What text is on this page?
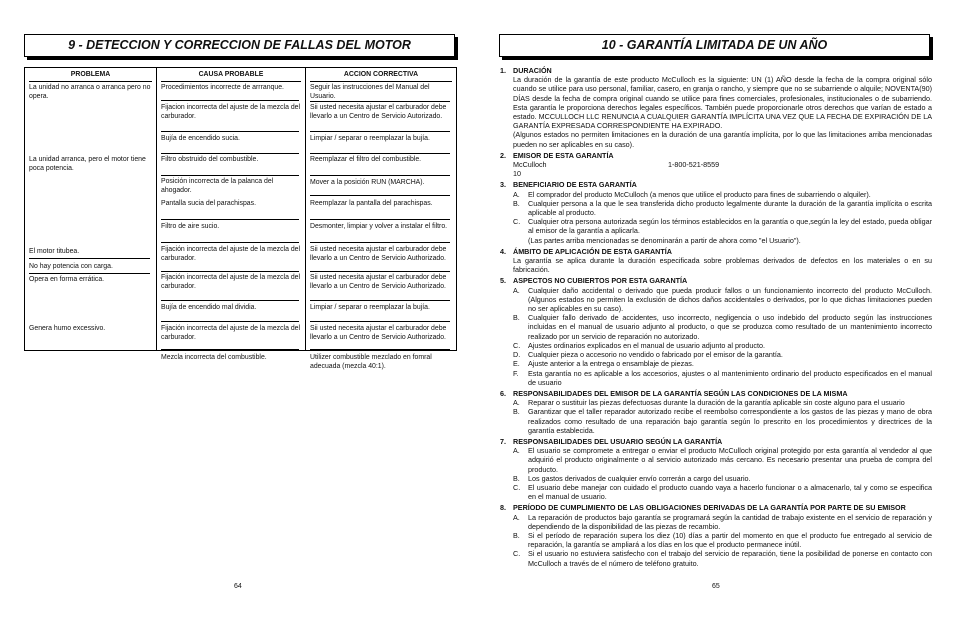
9 - DETECCION Y CORRECCION DE FALLAS DEL MOTOR
PROBLEMA
La unidad no arranca o arranca pero no opera.
La unidad arranca, pero el motor tiene poca potencia.
El motor titubea.
No hay potencia con carga.
Opera en forma errática.
Genera humo excessivo.
CAUSA PROBABLE
Procedimientos incorrecte de arrranque.
Fijacion incorrecta del ajuste de la mezcla del carburador.
Bujía de encendido sucia.
Filtro obstruido del combustible.
Posición incorrecta de la palanca del ahogador.
Pantalla sucia del parachispas.
Filtro de aire sucio.
Fijación incorrecta del ajuste de la mezcla del carburador.
Fijación incorrecta del ajuste de la mezcla del carburador.
Bujía de encendido mal dividia.
Fijación incorrecta del ajuste de la mezcla del carburador.
Mezcla incorrecta del combustible.
ACCION CORRECTIVA
Seguir las instrucciones del Manual del Usuario.
Sii usted necesita ajustar el carburador debe llevarlo a un Centro de Servicio Autorizado.
Limpiar / separar o reemplazar la bujía.
Reemplazar el filtro del combustible.
Mover a la posición RUN (MARCHA).
Reemplazar la pantalla del parachispas.
Desmonter, limpiar y volver a instalar el filtro.
Sii usted necesita ajustar el carburador debe llevarlo a un Centro de Servicio Authorizado.
Sii usted necesita ajustar el carburador debe llevarlo a un Centro de Servicio Authorizado.
Limpiar / separar o reemplazar la bujía.
Sii usted necesita ajustar el carburador debe llevarlo a un Centro de Servicio Authorizado.
Utilizer combustible mezclado en fomral adecuada (mezcla 40:1).
64
10 - GARANTÍA LIMITADA DE UN AÑO
65
1. DURACIÓN
La duración de la garantía de este producto McCulloch es la siguiente: UN (1) AÑO desde la fecha de la compra original sólo cuando se utilice para uso personal, familiar, casero, en granja o rancho, y siempre que no se subarriende o alquile; NOVENTA(90) DÍAS desde la fecha de compra original cuando se utilice para fines comerciales, profesionales, institucionales o de subarriendo. Esta garantía le proporciona derechos legales específicos. También puede proporcionarle otros derechos que varían de estado a estado. MCCULLOCH LLC RENUNCIA A CUALQUIER GARANTÍA IMPLÍCITA UNA VEZ QUE LA FECHA DE EXPIRACIÓN DE LA GARANTÍA EXPRESADA CORRESPONDIENTE HA EXPIRADO.
(Algunos estados no permiten limitaciones en la duración de una garantía implícita, por lo que las limitaciones arriba mencionadas pueden no ser aplicables en su caso).
2. EMISOR DE ESTA GARANTÍA
McCulloch	1-800-521-8559
10
3. BENEFICIARIO DE ESTA GARANTÍA
A. El comprador del producto McCulloch (a menos que utilice el producto para fines de subarriendo o alquiler).
B. Cualquier persona a la que le sea transferida dicho producto legalmente durante la duración de la garantía implícita o escrita aplicable al producto.
C. Cualquier otra persona autorizada según los términos establecidos en la garantía o que,según la ley del estado, pueda obligar al emisor de la garantía a aplicarla.
(Las partes arriba mencionadas se denominarán a partir de ahora como "el Usuario").
4. ÁMBITO DE APLICACIÓN DE ESTA GARANTÍA
La garantía se aplica durante la duración especificada sobre problemas derivados de defectos en los materiales o en su fabricación.
5. ASPECTOS NO CUBIERTOS POR ESTA GARANTÍA
A. Cualquier daño accidental o derivado que pueda producir fallos o un funcionamiento incorrecto del producto McCulloch.(Algunos estados no permiten la exclusión de dichos daños accidentales o derivados, por lo que dichas limitaciones pueden no ser aplicables en su caso).
B. Cualquier fallo derivado de accidentes, uso incorrecto, negligencia o uso indebido del producto según las instrucciones incluidas en el manual de usuario adjunto al producto, o que se produzca como resultado de un mantenimiento incorrecto realizado por un servicio de reparación no autorizado.
C. Ajustes ordinarios explicados en el manual de usuario adjunto al producto.
D. Cualquier pieza o accesorio no vendido o fabricado por el emisor de la garantía.
E. Ajuste anterior a la entrega o ensamblaje de piezas.
F. Esta garantía no es aplicable a los accesorios, ajustes o al mantenimiento ordinario del producto especificados en el manual de usuario
6. RESPONSABILIDADES DEL EMISOR DE LA GARANTÍA SEGÚN LAS CONDICIONES DE LA MISMA
A. Reparar o sustituir las piezas defectuosas durante la duración de la garantía aplicable sin coste alguno para el usuario
B. Garantizar que el taller reparador autorizado recibe el reembolso correspondiente a los gastos de las piezas y mano de obra realizados como resultado de una reparación bajo garantía según lo prescrito en los procedimientos y directrices de la garantía establecida.
7. RESPONSABILIDADES DEL USUARIO SEGÚN LA GARANTÍA
A. El usuario se compromete a entregar o enviar el producto McCulloch original protegido por esta garantía al vendedor al que adquirió el producto originalmente o al servicio autorizado más cercano. Es necesario presentar una prueba de compra del producto.
B. Los gastos derivados de cualquier envío correrán a cargo del usuario.
C. El usuario debe manejar con cuidado el producto cuando vaya a hacerlo funcionar o a almacenarlo, tal y como se especifica en el manual de usuario.
8. PERÍODO DE CUMPLIMIENTO DE LAS OBLIGACIONES DERIVADAS DE LA GARANTÍA POR PARTE DE SU EMISOR
A. La reparación de productos bajo garantía se programará según la cantidad de trabajo existente en el servicio de reparación y dependiendo de la disponibilidad de las piezas de recambio.
B. Si el período de reparación supera los diez (10) días a partir del momento en que el producto fue entregado al servicio de reparación, la garantía se ampliará a los días en los que el producto permanece inútil.
C. Si el usuario no estuviera satisfecho con el trabajo del servicio de reparación, tiene la posibilidad de ponerse en contacto con McCulloch a través de el número de teléfono gratuito.
